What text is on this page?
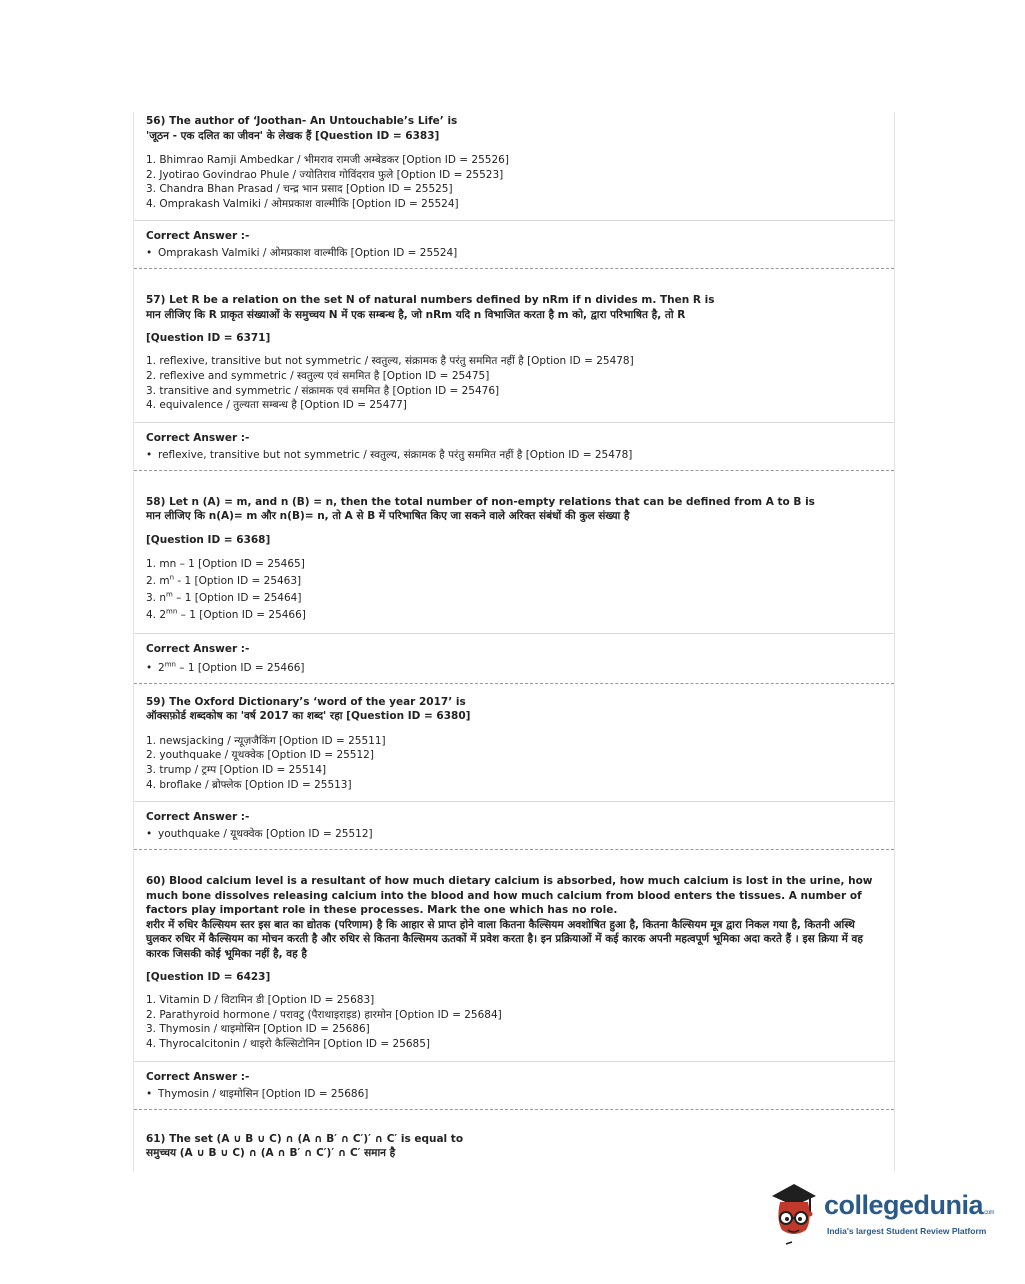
56) The author of ‘Joothan- An Untouchable’s Life’ is
'जूठन - एक दलित का जीवन' के लेखक हैं [Question ID = 6383]
1. Bhimrao Ramji Ambedkar / भीमराव रामजी अम्बेडकर [Option ID = 25526]
2. Jyotirao Govindrao Phule / ज्योतिराव गोविंदराव फुले [Option ID = 25523]
3. Chandra Bhan Prasad / चन्द्र भान प्रसाद [Option ID = 25525]
4. Omprakash Valmiki / ओमप्रकाश वाल्मीकि [Option ID = 25524]
Correct Answer :-
• Omprakash Valmiki / ओमप्रकाश वाल्मीकि [Option ID = 25524]
57) Let R be a relation on the set N of natural numbers defined by nRm if n divides m. Then R is
मान लीजिए कि R प्राकृत संख्याओं के समुच्चय N में एक सम्बन्ध है, जो nRm यदि n विभाजित करता है m को, द्वारा परिभाषित है, तो R
[Question ID = 6371]
1. reflexive, transitive but not symmetric / स्वतुल्य, संक्रामक है परंतु सममित नहीं है [Option ID = 25478]
2. reflexive and symmetric / स्वतुल्य एवं सममित है [Option ID = 25475]
3. transitive and symmetric / संक्रामक एवं सममित है [Option ID = 25476]
4. equivalence / तुल्यता सम्बन्ध है [Option ID = 25477]
Correct Answer :-
• reflexive, transitive but not symmetric / स्वतुल्य, संक्रामक है परंतु सममित नहीं है [Option ID = 25478]
58) Let n (A) = m, and n (B) = n, then the total number of non-empty relations that can be defined from A to B is
मान लीजिए कि n(A)= m और n(B)= n, तो A से B में परिभाषित किए जा सकने वाले अरिक्त संबंधों की कुल संख्या है
[Question ID = 6368]
1. mn – 1 [Option ID = 25465]
2. $m^n - 1$ [Option ID = 25463]
3. $n^m - 1$ [Option ID = 25464]
4. $2^{mn} - 1$ [Option ID = 25466]
Correct Answer :-
• $2^{mn} - 1$ [Option ID = 25466]
59) The Oxford Dictionary’s ‘word of the year 2017’ is
ऑक्सफ़ोर्ड शब्दकोष का 'वर्ष 2017 का शब्द' रहा [Question ID = 6380]
1. newsjacking / न्यूज़जैकिंग [Option ID = 25511]
2. youthquake / यूथक्वेक [Option ID = 25512]
3. trump / ट्रम्प [Option ID = 25514]
4. broflake / ब्रोफ्लेक [Option ID = 25513]
Correct Answer :-
• youthquake / यूथक्वेक [Option ID = 25512]
60) Blood calcium level is a resultant of how much dietary calcium is absorbed, how much calcium is lost in the urine, how much bone dissolves releasing calcium into the blood and how much calcium from blood enters the tissues. A number of factors play important role in these processes. Mark the one which has no role.
शरीर में रुधिर कैल्सियम स्तर इस बात का द्योतक (परिणाम) है कि आहार से प्राप्त होने वाला कितना कैल्सियम अवशोषित हुआ है, कितना कैल्सियम मूत्र द्वारा निकल गया है, कितनी अस्थि घुलकर रुधिर में कैल्सियम का मोचन करती है और रुधिर से कितना कैल्सिमय ऊतकों में प्रवेश करता है। इन प्रक्रियाओं में कई कारक अपनी महत्वपूर्ण भूमिका अदा करते हैं । इस क्रिया में वह कारक जिसकी कोई भूमिका नहीं है, वह है
[Question ID = 6423]
1. Vitamin D / विटामिन डी [Option ID = 25683]
2. Parathyroid hormone / परावटु (पैराथाइराइड) हारमोन [Option ID = 25684]
3. Thymosin / थाइमोसिन [Option ID = 25686]
4. Thyrocalcitonin / थाइरो कैल्सिटोनिन [Option ID = 25685]
Correct Answer :-
• Thymosin / थाइमोसिन [Option ID = 25686]
61) The set (A ∪ B ∪ C) ∩ (A ∩ B′ ∩ C′)′ ∩ C′ is equal to
समुच्चय (A ∪ B ∪ C) ∩ (A ∩ B′ ∩ C′)′ ∩ C′ समान है
collegedunia.com
India's largest Student Review Platform
